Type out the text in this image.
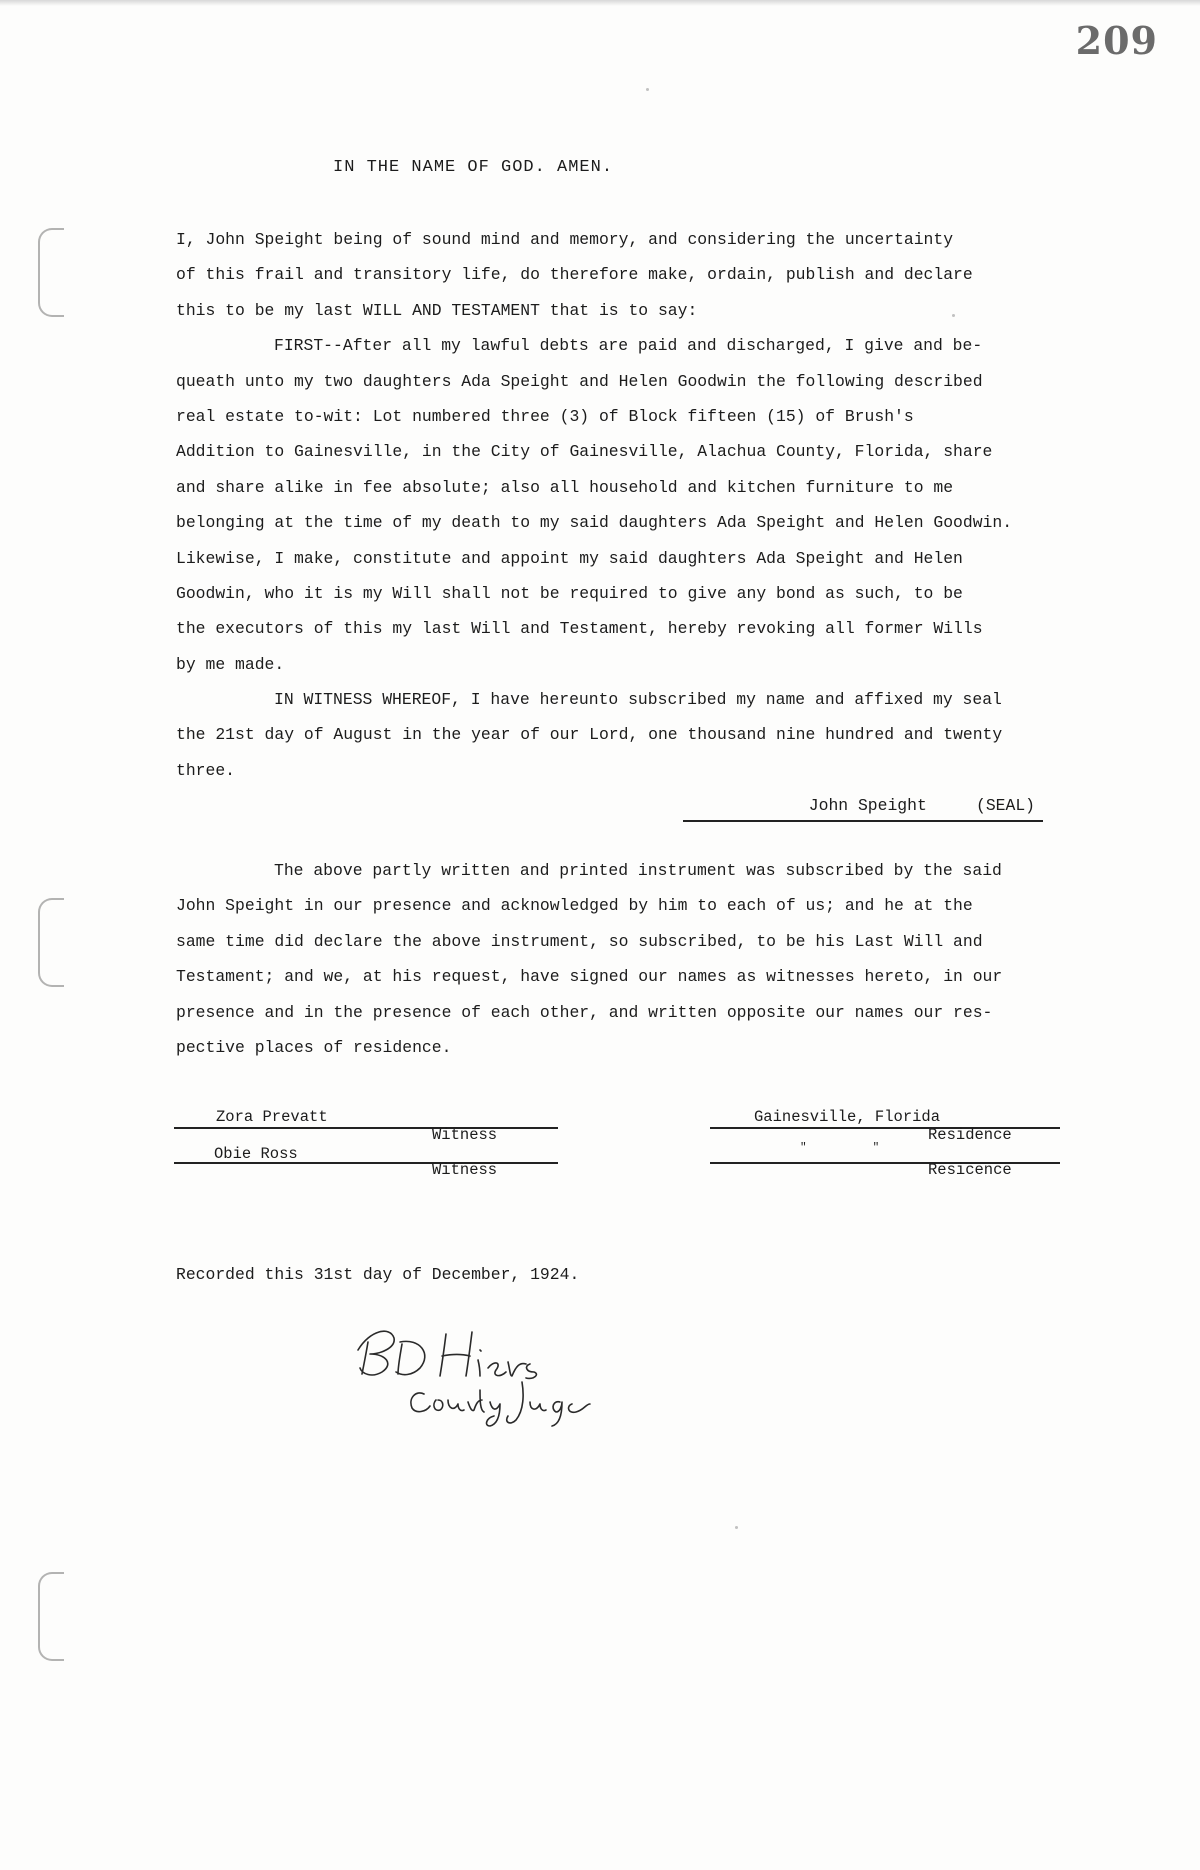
209
IN THE NAME OF GOD. AMEN.
I, John Speight being of sound mind and memory, and considering the uncertainty
of this frail and transitory life, do therefore make, ordain, publish and declare
this to be my last WILL AND TESTAMENT that is to say:
FIRST--After all my lawful debts are paid and discharged, I give and be-
queath unto my two daughters Ada Speight and Helen Goodwin the following described
real estate to-wit: Lot numbered three (3) of Block fifteen (15) of Brush's
Addition to Gainesville, in the City of Gainesville, Alachua County, Florida, share
and share alike in fee absolute; also all household and kitchen furniture to me
belonging at the time of my death to my said daughters Ada Speight and Helen Goodwin.
Likewise, I make, constitute and appoint my said daughters Ada Speight and Helen
Goodwin, who it is my Will shall not be required to give any bond as such, to be
the executors of this my last Will and Testament, hereby revoking all former Wills
by me made.
IN WITNESS WHEREOF, I have hereunto subscribed my name and affixed my seal
the 21st day of August in the year of our Lord, one thousand nine hundred and twenty
three.
John Speight     (SEAL)
The above partly written and printed instrument was subscribed by the said
John Speight in our presence and acknowledged by him to each of us; and he at the
same time did declare the above instrument, so subscribed, to be his Last Will and
Testament; and we, at his request, have signed our names as witnesses hereto, in our
presence and in the presence of each other, and written opposite our names our res-
pective places of residence.
Zora Prevatt
Witness
Obie Ross
Witness
Gainesville, Florida
Residence
"          "
Resicence
Recorded this 31st day of December, 1924.
